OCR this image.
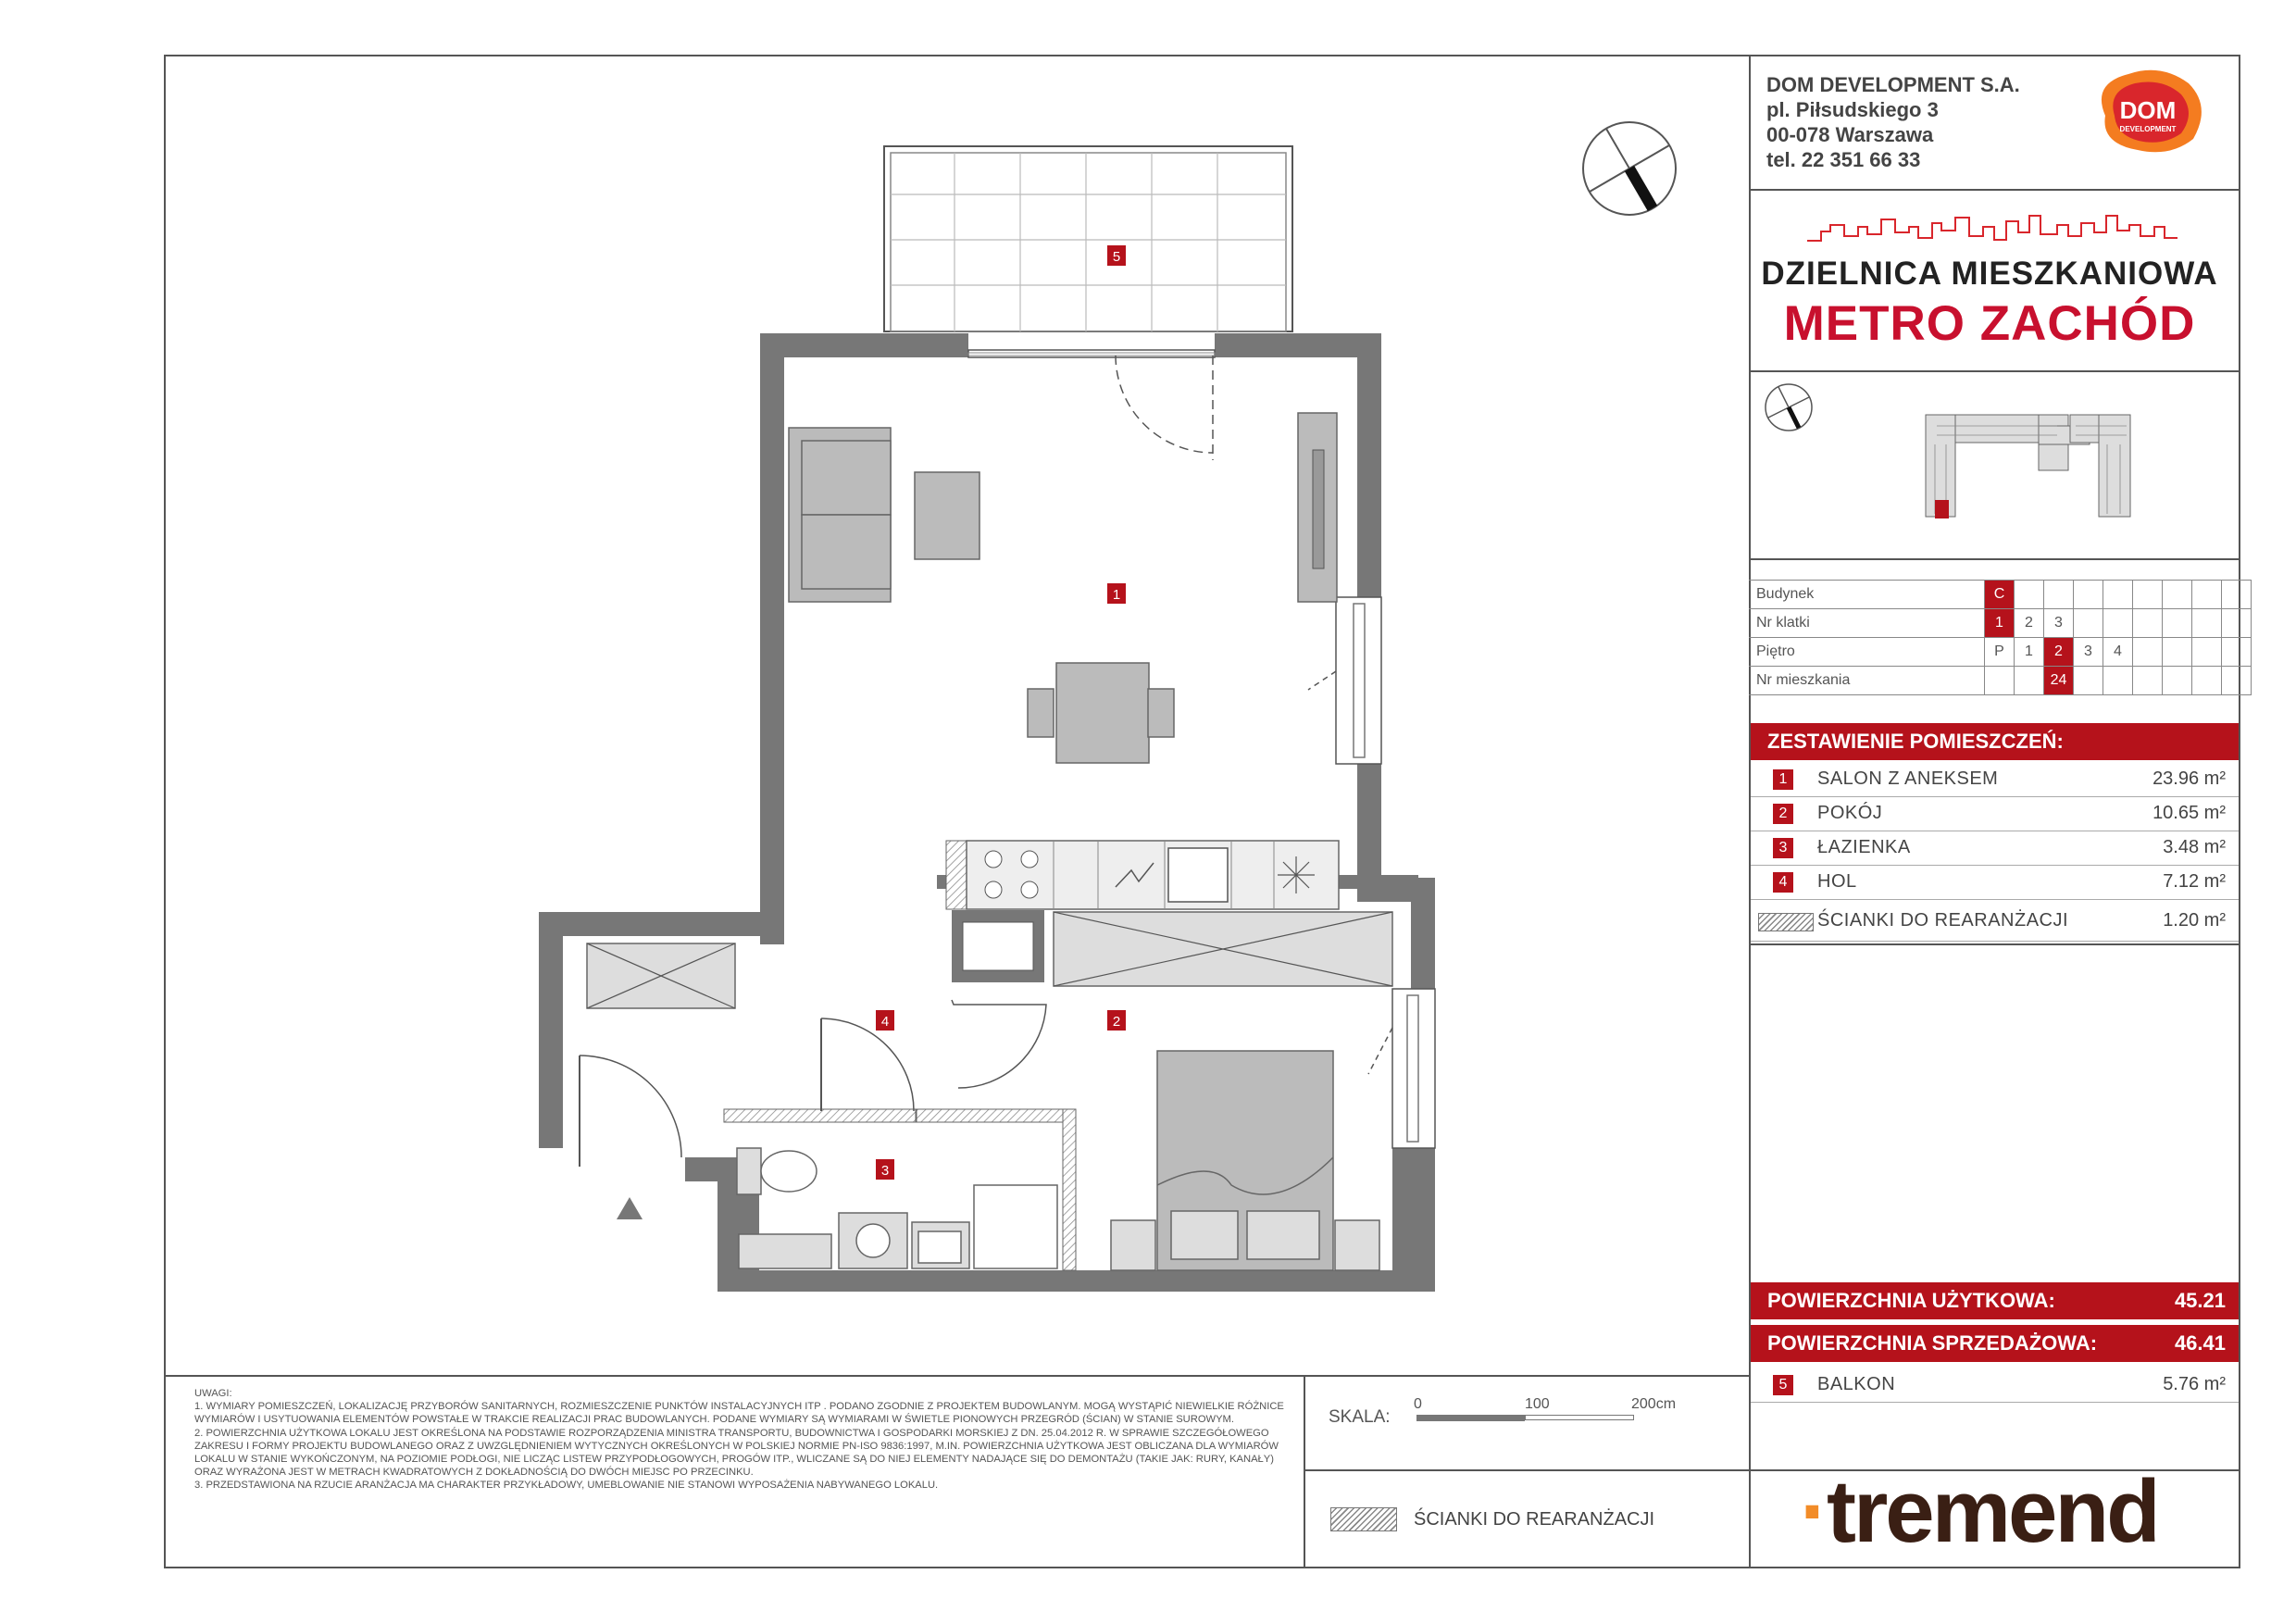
5
1
2
4
3
DOM DEVELOPMENT S.A.
pl. Piłsudskiego 3
00-078 Warszawa
tel. 22 351 66 33
DOM
DEVELOPMENT
DZIELNICA MIESZKANIOWA
METRO ZACHÓD
Budynek	C								
Nr klatki	1	2	3						
Piętro	P	1	2	3	4				
Nr mieszkania			24						
ZESTAWIENIE POMIESZCZEŃ:
1	SALON Z ANEKSEM	23.96 m²
2	POKÓJ	10.65 m²
3	ŁAZIENKA	3.48 m²
4	HOL	7.12 m²
ŚCIANKI DO REARANŻACJI	1.20 m²
POWIERZCHNIA UŻYTKOWA:	45.21
POWIERZCHNIA SPRZEDAŻOWA:	46.41
5	BALKON	5.76 m²

UWAGI:

1. WYMIARY POMIESZCZEŃ, LOKALIZACJĘ PRZYBORÓW SANITARNYCH, ROZMIESZCZENIE PUNKTÓW INSTALACYJNYCH ITP . PODANO ZGODNIE Z PROJEKTEM BUDOWLANYM. MOGĄ WYSTĄPIĆ NIEWIELKIE RÓŻNICE WYMIARÓW I USYTUOWANIA ELEMENTÓW POWSTAŁE W TRAKCIE REALIZACJI PRAC BUDOWLANYCH. PODANE WYMIARY SĄ WYMIARAMI W ŚWIETLE PIONOWYCH PRZEGRÓD (ŚCIAN) W STANIE SUROWYM.

2. POWIERZCHNIA UŻYTKOWA LOKALU JEST OKREŚLONA NA PODSTAWIE ROZPORZĄDZENIA MINISTRA TRANSPORTU, BUDOWNICTWA I GOSPODARKI MORSKIEJ Z DN. 25.04.2012 R. W SPRAWIE SZCZEGÓŁOWEGO ZAKRESU I FORMY PROJEKTU BUDOWLANEGO ORAZ Z UWZGLĘDNIENIEM WYTYCZNYCH OKREŚLONYCH W POLSKIEJ NORMIE PN-ISO 9836:1997, M.IN. POWIERZCHNIA UŻYTKOWA JEST OBLICZANA DLA WYMIARÓW LOKALU W STANIE WYKOŃCZONYM, NA POZIOMIE PODŁOGI, NIE LICZĄC LISTEW PRZYPODŁOGOWYCH, PROGÓW ITP., WLICZANE SĄ DO NIEJ ELEMENTY NADAJĄCE SIĘ DO DEMONTAŻU (TAKIE JAK: RURY, KANAŁY) ORAZ WYRAŻONA JEST W METRACH KWADRATOWYCH Z DOKŁADNOŚCIĄ DO DWÓCH MIEJSC PO PRZECINKU.

3. PRZEDSTAWIONA NA RZUCIE ARANŻACJA MA CHARAKTER PRZYKŁADOWY, UMEBLOWANIE NIE STANOWI WYPOSAŻENIA NABYWANEGO LOKALU.

SKALA:
0	100	200cm
ŚCIANKI DO REARANŻACJI ·tremend
